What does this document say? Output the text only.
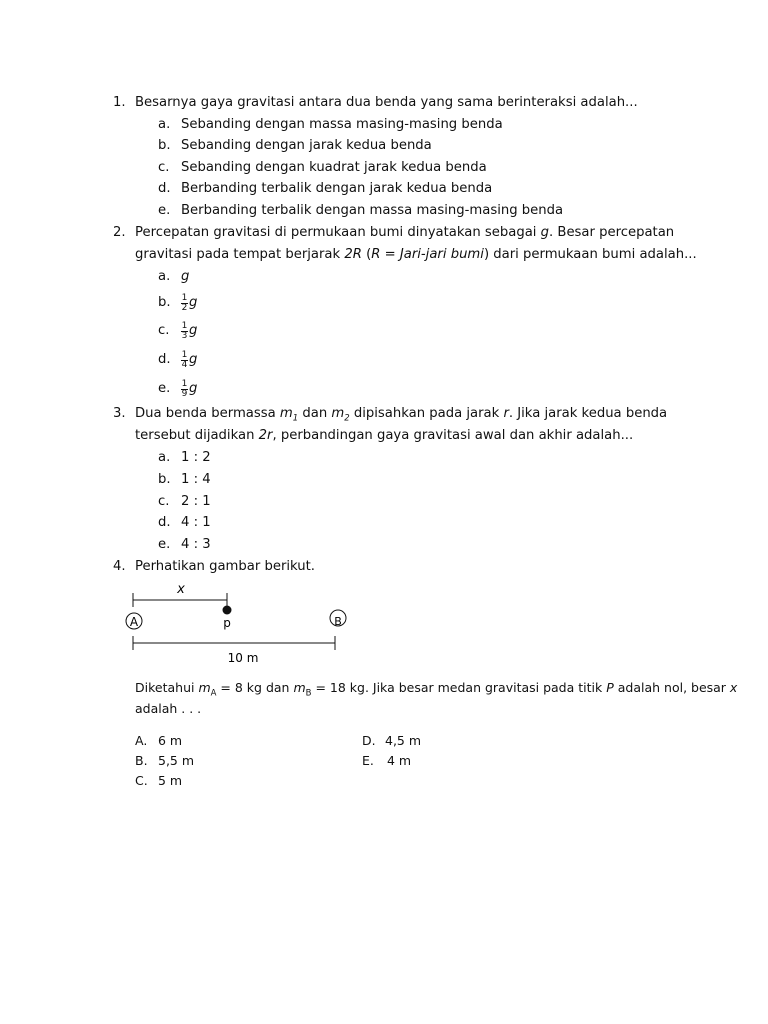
1. Besarnya gaya gravitasi antara dua benda yang sama berinteraksi adalah...
a. Sebanding dengan massa masing-masing benda
b. Sebanding dengan jarak kedua benda
c. Sebanding dengan kuadrat jarak kedua benda
d. Berbanding terbalik dengan jarak kedua benda
e. Berbanding terbalik dengan massa masing-masing benda
2. Percepatan gravitasi di permukaan bumi dinyatakan sebagai g. Besar percepatan
gravitasi pada tempat berjarak 2R (R = Jari-jari bumi) dari permukaan bumi adalah...
a. g
b. $\frac{1}{2}$ g
c. $\frac{1}{3}$ g
d. $\frac{1}{4}$ g
e. $\frac{1}{9}$ g
3. Dua benda bermassa $m_1$ dan $m_2$ dipisahkan pada jarak r. Jika jarak kedua benda
tersebut dijadikan 2r, perbandingan gaya gravitasi awal dan akhir adalah...
a. 1 : 2
b. 1 : 4
c. 2 : 1
d. 4 : 1
e. 4 : 3
4. Perhatikan gambar berikut.
x
A	p	B
10 m
Diketahui $m_A = 8$ kg dan $m_B = 18$ kg. Jika besar medan gravitasi pada titik P adalah nol, besar x
adalah . . .
A. 6 m
B. 5,5 m
C. 5 m
D. 4,5 m
E. 4 m
